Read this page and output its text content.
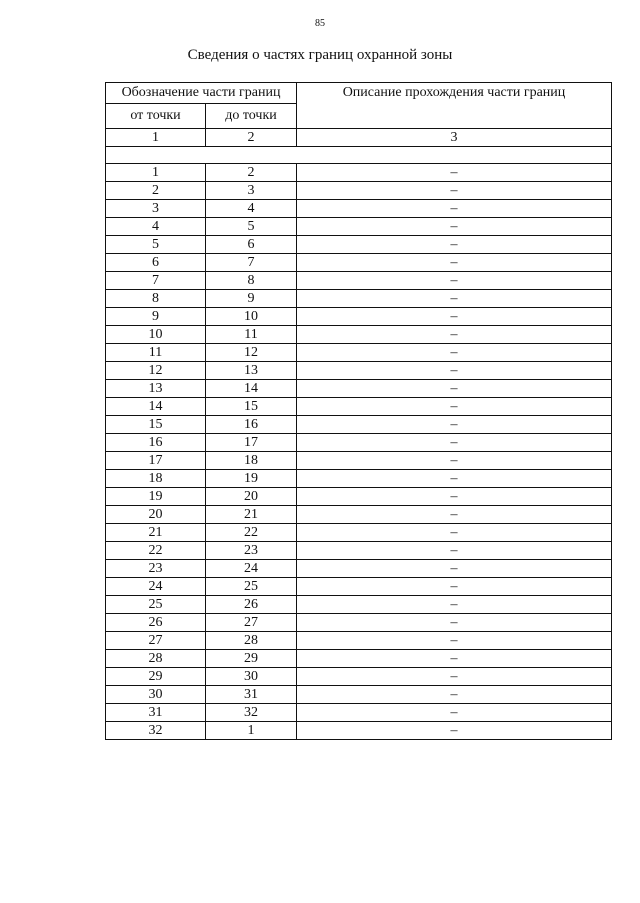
85
Сведения о частях границ охранной зоны
Обозначение части границ		Описание прохождения части границ
от точки	до точки	
1	2	3

1	2	–
2	3	–
3	4	–
4	5	–
5	6	–
6	7	–
7	8	–
8	9	–
9	10	–
10	11	–
11	12	–
12	13	–
13	14	–
14	15	–
15	16	–
16	17	–
17	18	–
18	19	–
19	20	–
20	21	–
21	22	–
22	23	–
23	24	–
24	25	–
25	26	–
26	27	–
27	28	–
28	29	–
29	30	–
30	31	–
31	32	–
32	1	–
